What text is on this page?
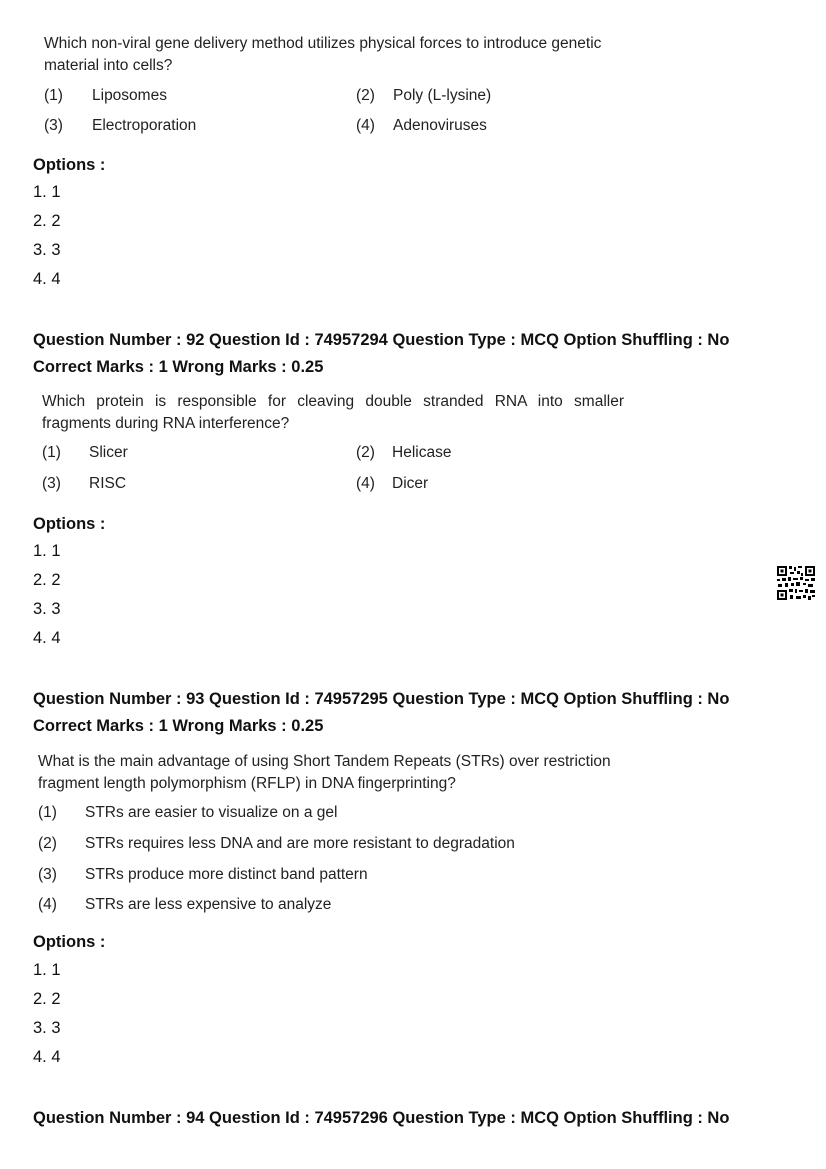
Which non-viral gene delivery method utilizes physical forces to introduce genetic
material into cells?
(1) Liposomes	(2) Poly (L-lysine)
(3) Electroporation	(4) Adenoviruses
Options :
1. 1
2. 2
3. 3
4. 4
Question Number : 92 Question Id : 74957294 Question Type : MCQ Option Shuffling : No
Correct Marks : 1 Wrong Marks : 0.25
Which protein is responsible for cleaving double stranded RNA into smaller
fragments during RNA interference?
(1) Slicer	(2) Helicase
(3) RISC	(4) Dicer
Options :
1. 1
2. 2
3. 3
4. 4
Question Number : 93 Question Id : 74957295 Question Type : MCQ Option Shuffling : No
Correct Marks : 1 Wrong Marks : 0.25
What is the main advantage of using Short Tandem Repeats (STRs) over restriction
fragment length polymorphism (RFLP) in DNA fingerprinting?
(1) STRs are easier to visualize on a gel
(2) STRs requires less DNA and are more resistant to degradation
(3) STRs produce more distinct band pattern
(4) STRs are less expensive to analyze
Options :
1. 1
2. 2
3. 3
4. 4
Question Number : 94 Question Id : 74957296 Question Type : MCQ Option Shuffling : No
